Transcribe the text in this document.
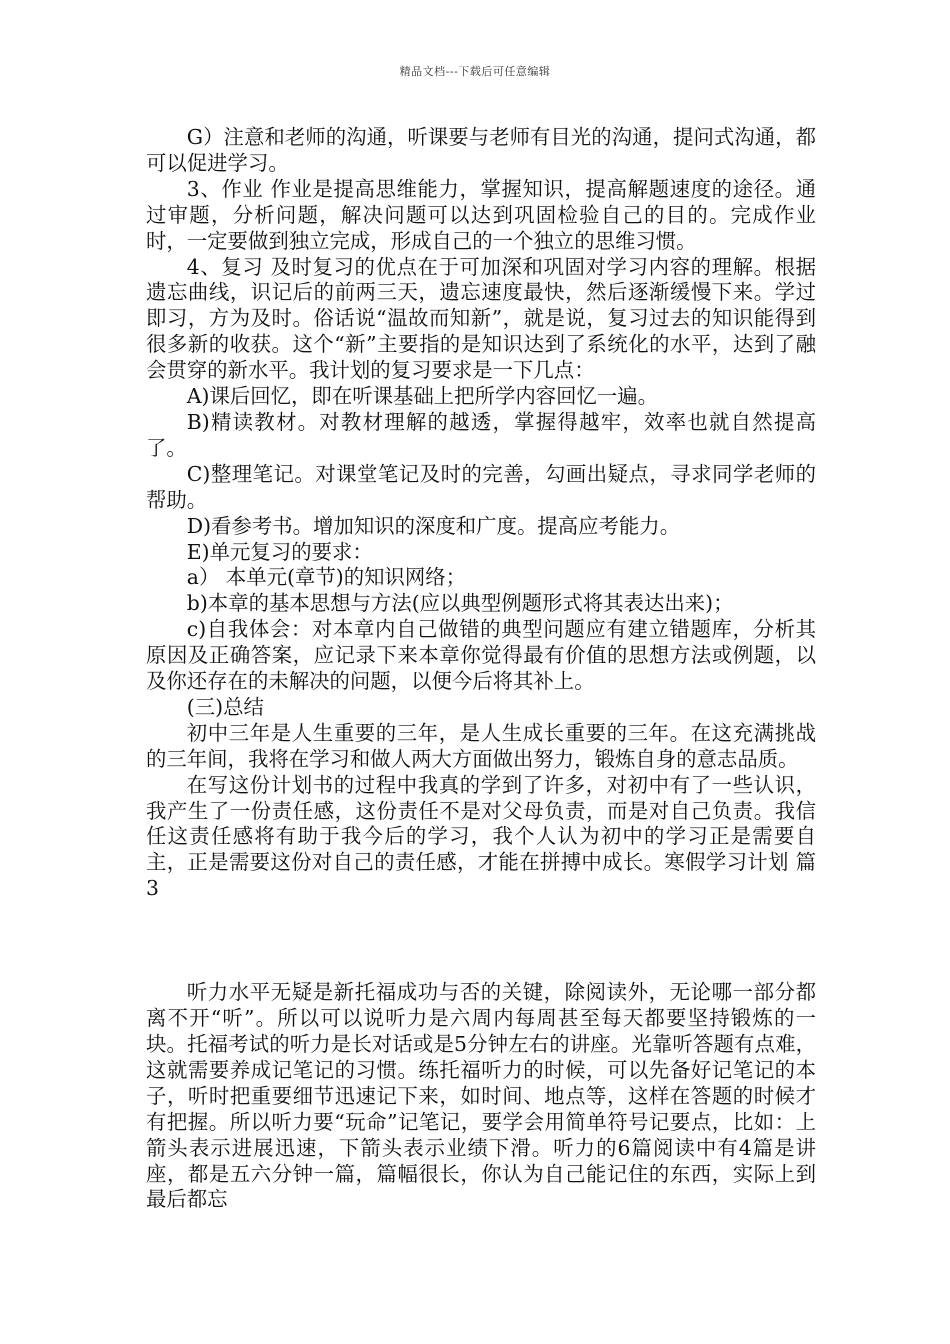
精品文档---下载后可任意编辑

G）注意和老师的沟通，听课要与老师有目光的沟通，提问式沟通，都可以促进学习。

3、作业 作业是提高思维能力，掌握知识，提高解题速度的途径。通过审题，分析问题，解决问题可以达到巩固检验自己的目的。完成作业时，一定要做到独立完成，形成自己的一个独立的思维习惯。

4、复习 及时复习的优点在于可加深和巩固对学习内容的理解。根据遗忘曲线，识记后的前两三天，遗忘速度最快，然后逐渐缓慢下来。学过即习，方为及时。俗话说“温故而知新”，就是说，复习过去的知识能得到很多新的收获。这个“新”主要指的是知识达到了系统化的水平，达到了融会贯穿的新水平。我计划的复习要求是一下几点：

A)课后回忆，即在听课基础上把所学内容回忆一遍。

B)精读教材。对教材理解的越透，掌握得越牢，效率也就自然提高了。

C)整理笔记。对课堂笔记及时的完善，勾画出疑点，寻求同学老师的帮助。

D)看参考书。增加知识的深度和广度。提高应考能力。

E)单元复习的要求：

a） 本单元(章节)的知识网络；

b)本章的基本思想与方法(应以典型例题形式将其表达出来)；

c)自我体会：对本章内自己做错的典型问题应有建立错题库，分析其原因及正确答案，应记录下来本章你觉得最有价值的思想方法或例题，以及你还存在的未解决的问题，以便今后将其补上。

(三)总结

初中三年是人生重要的三年，是人生成长重要的三年。在这充满挑战的三年间，我将在学习和做人两大方面做出努力，锻炼自身的意志品质。

在写这份计划书的过程中我真的学到了许多，对初中有了一些认识，我产生了一份责任感，这份责任不是对父母负责，而是对自己负责。我信任这责任感将有助于我今后的学习，我个人认为初中的学习正是需要自主，正是需要这份对自己的责任感，才能在拼搏中成长。寒假学习计划 篇3

听力水平无疑是新托福成功与否的关键，除阅读外，无论哪一部分都离不开“听”。所以可以说听力是六周内每周甚至每天都要坚持锻炼的一块。托福考试的听力是长对话或是5分钟左右的讲座。光靠听答题有点难，这就需要养成记笔记的习惯。练托福听力的时候，可以先备好记笔记的本子，听时把重要细节迅速记下来，如时间、地点等，这样在答题的时候才有把握。所以听力要“玩命”记笔记，要学会用简单符号记要点，比如：上箭头表示进展迅速，下箭头表示业绩下滑。听力的6篇阅读中有4篇是讲座，都是五六分钟一篇，篇幅很长，你认为自己能记住的东西，实际上到最后都忘
